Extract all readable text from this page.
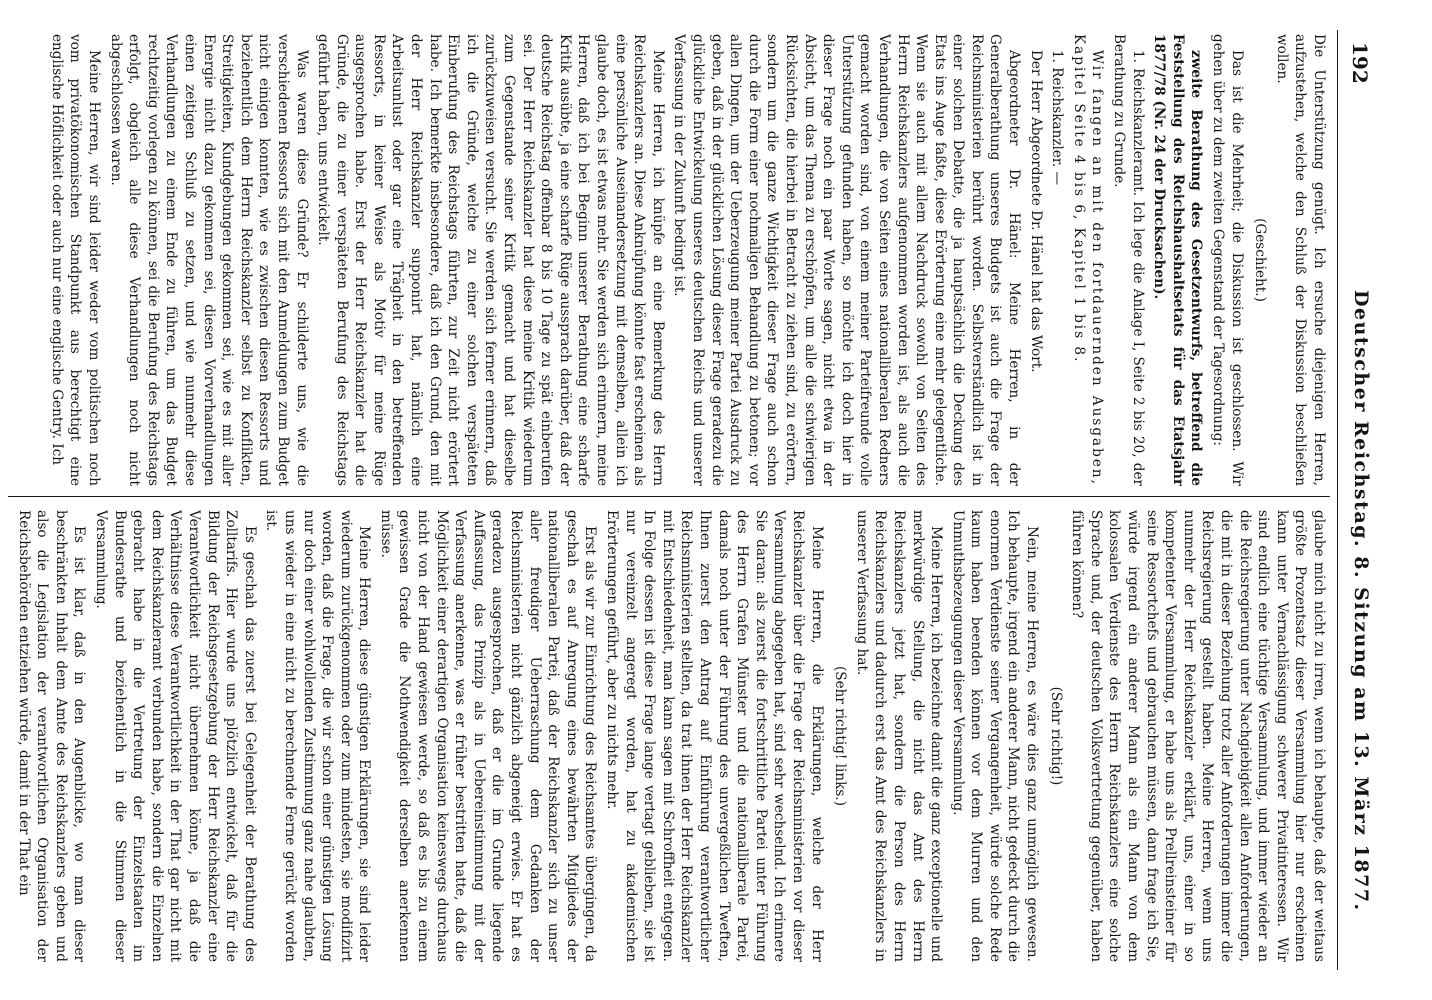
192
Deutscher Reichstag. 8. Sitzung am 13. März 1877.

Die Unterstützung genügt. Ich ersuche diejenigen Herren, aufzustehen, welche den Schluß der Diskussion beschließen wollen.

(Geschieht.)

Das ist die Mehrheit; die Diskussion ist geschlossen. Wir gehen über zu dem zweiten Gegenstand der Tagesordnung:

zweite Berathung des Gesetzentwurfs, betreffend die Feststellung des Reichshaushaltsetats für das Etatsjahr 1877/78 (Nr. 24 der Drucksachen).

1. Reichskanzleramt. Ich lege die Anlage I, Seite 2 bis 20, der Berathung zu Grunde.

Wir fangen an mit den fortdauernden Ausgaben, Kapitel Seite 4 bis 6, Kapitel 1 bis 8.

1. Reichskanzler. —

Der Herr Abgeordnete Dr. Hänel hat das Wort.

Abgeordneter Dr. Hänel: Meine Herren, in der Generalberathung unseres Budgets ist auch die Frage der Reichsministerien berührt worden. Selbstverständlich ist in einer solchen Debatte, die ja hauptsächlich die Deckung des Etats ins Auge faßte, diese Erörterung eine mehr gelegentliche. Wenn sie auch mit allem Nachdruck sowohl von Seiten des Herrn Reichskanzlers aufgenommen worden ist, als auch die Verhandlungen, die von Seiten eines nationalliberalen Redners gemacht worden sind, von einem meiner Parteifreunde volle Unterstützung gefunden haben, so möchte ich doch hier in dieser Frage noch ein paar Worte sagen, nicht etwa in der Absicht, um das Thema zu erschöpfen, um alle die schwierigen Rücksichten, die hierbei in Betracht zu ziehen sind, zu erörtern, sondern um die ganze Wichtigkeit dieser Frage auch schon durch die Form einer nochmaligen Behandlung zu betonen; vor allen Dingen, um der Ueberzeugung meiner Partei Ausdruck zu geben, daß in der glücklichen Lösung dieser Frage geradezu die glückliche Entwickelung unseres deutschen Reichs und unserer Verfassung in der Zukunft bedingt ist.

Meine Herren, ich knüpfe an eine Bemerkung des Herrn Reichskanzlers an. Diese Anknüpfung könnte fast erscheinen als eine persönliche Auseinandersetzung mit demselben, allein ich glaube doch, es ist etwas mehr. Sie werden sich erinnern, meine Herren, daß ich bei Beginn unserer Berathung eine scharfe Kritik ausübte, ja eine scharfe Rüge aussprach darüber, daß der deutsche Reichstag offenbar 8 bis 10 Tage zu spät einberufen sei. Der Herr Reichskanzler hat diese meine Kritik wiederum zum Gegenstande seiner Kritik gemacht und hat dieselbe zurückzuweisen versucht. Sie werden sich ferner erinnern, daß ich die Gründe, welche zu einer solchen verspäteten Einberufung des Reichstags führten, zur Zeit nicht erörtert habe. Ich bemerkte insbesondere, daß ich den Grund, den mit der Herr Reichskanzler supponirt hat, nämlich eine Arbeitsunlust oder gar eine Trägheit in den betreffenden Ressorts, in keiner Weise als Motiv für meine Rüge ausgesprochen habe. Erst der Herr Reichskanzler hat die Gründe, die zu einer verspäteten Berufung des Reichstags geführt haben, uns entwickelt.

Was waren diese Gründe? Er schilderte uns, wie die verschiedenen Ressorts sich mit den Anmeldungen zum Budget nicht einigen konnten, wie es zwischen diesen Ressorts und beziehentlich dem Herrn Reichskanzler selbst zu Konflikten, Streitigkeiten, Kundgebungen gekommen sei, wie es mit aller Energie nicht dazu gekommen sei, diesen Vorverhandlungen einen zeitigen Schluß zu setzen, und wie nunmehr diese Verhandlungen zu einem Ende zu führen, um das Budget rechtzeitig vorlegen zu können, sei die Berufung des Reichstags erfolgt, obgleich alle diese Verhandlungen noch nicht abgeschlossen waren.

Meine Herren, wir sind leider weder vom politischen noch vom privatökonomischen Standpunkt aus berechtigt eine englische Höflichkeit oder auch nur eine englische Gentry. Ich

glaube mich nicht zu irren, wenn ich behaupte, daß der weitaus größte Prozentsatz dieser Versammlung hier nur erscheinen kann unter Vernachlässigung schwerer Privatinteressen. Wir sind endlich eine tüchtige Versammlung, und immer wieder an die Reichsregierung unter Nachgiebigkeit allen Anforderungen, die mit in dieser Beziehung trotz aller Anforderungen immer die Reichsregierung gestellt haben. Meine Herren, wenn uns nunmehr der Herr Reichskanzler erklärt, uns, einer in so kompetenter Versammlung, er habe uns als Prellreinsteiner für seine Ressortchefs und gebrauchen müssen, dann frage ich Sie, würde irgend ein anderer Mann als ein Mann von dem kolossalen Verdienste des Herrn Reichskanzlers eine solche Sprache und, der deutschen Volksvertretung gegenüber, haben führen können?

(Sehr richtig!)

Nein, meine Herren, es wäre dies ganz unmöglich gewesen. Ich behaupte, irgend ein anderer Mann, nicht gedeckt durch die enormen Verdienste seiner Vergangenheit, würde solche Rede kaum haben beenden können vor dem Murren und den Unmuthsbezeugungen dieser Versammlung.

Meine Herren, ich bezeichne damit die ganz exceptionelle und merkwürdige Stellung, die nicht das Amt des Herrn Reichskanzlers jetzt hat, sondern die Person des Herrn Reichskanzlers und dadurch erst das Amt des Reichskanzlers in unserer Verfassung hat.

(Sehr richtig! links.)

Meine Herren, die Erklärungen, welche der Herr Reichskanzler über die Frage der Reichsministerien vor dieser Versammlung abgegeben hat, sind sehr wechselnd. Ich erinnere Sie daran: als zuerst die fortschrittliche Partei unter Führung des Herrn Grafen Münster und die nationalliberale Partei, damals noch unter der Führung des unvergeßlichen Tweften, Ihnen zuerst den Antrag auf Einführung verantwortlicher Reichsministerien stellten, da trat ihnen der Herr Reichskanzler mit Entschiedenheit, man kann sagen mit Schroffheit entgegen. In Folge dessen ist diese Frage lange vertagt geblieben, sie ist nur vereinzelt angeregt worden, hat zu akademischen Erörterungen geführt, aber zu nichts mehr.

Erst als wir zur Einrichtung des Reichsamtes übergingen, da geschah es auf Anregung eines bewährten Mitgliedes der nationalliberalen Partei, daß der Reichskanzler sich zu unser aller freudiger Ueberraschung dem Gedanken der Reichsministerien nicht gänzlich abgeneigt erwies. Er hat es geradezu ausgesprochen, daß er die im Grunde liegende Auffassung, das Prinzip als in Uebereinstimmung mit der Verfassung anerkenne, was er früher bestritten hatte, daß die Möglichkeit einer derartigen Organisation keineswegs durchaus nicht von der Hand gewiesen werde, so daß es bis zu einem gewissen Grade die Nothwendigkeit derselben anerkennen müsse.

Meine Herren, diese günstigen Erklärungen, sie sind leider wiederum zurückgenommen oder zum mindesten, sie modifizirt worden, daß die Frage, die wir schon einer günstigen Lösung nur doch einer wohlwollenden Zustimmung ganz nahe glaubten, uns wieder in eine nicht zu berechnende Ferne gerückt worden ist.

Es geschah das zuerst bei Gelegenheit der Berathung des Zolltarifs. Hier wurde uns plötzlich entwickelt, daß für die Bildung der Reichsgesetzgebung der Herr Reichskanzler eine Verantwortlichkeit nicht übernehmen könne, ja daß die Verhältnisse diese Verantwortlichkeit in der That gar nicht mit dem Reichskanzleramt verbunden habe, sondern die Einzelnen gebracht habe in die Vertretung der Einzelstaaten im Bundesrathe und beziehentlich in die Stimmen dieser Versammlung.

Es ist klar, daß in den Augenblicke, wo man dieser beschränkten Inhalt dem Amte des Reichskanzlers geben und also die Legislation der verantwortlichen Organisation der Reichsbehörden entziehen würde, damit in der That ein
